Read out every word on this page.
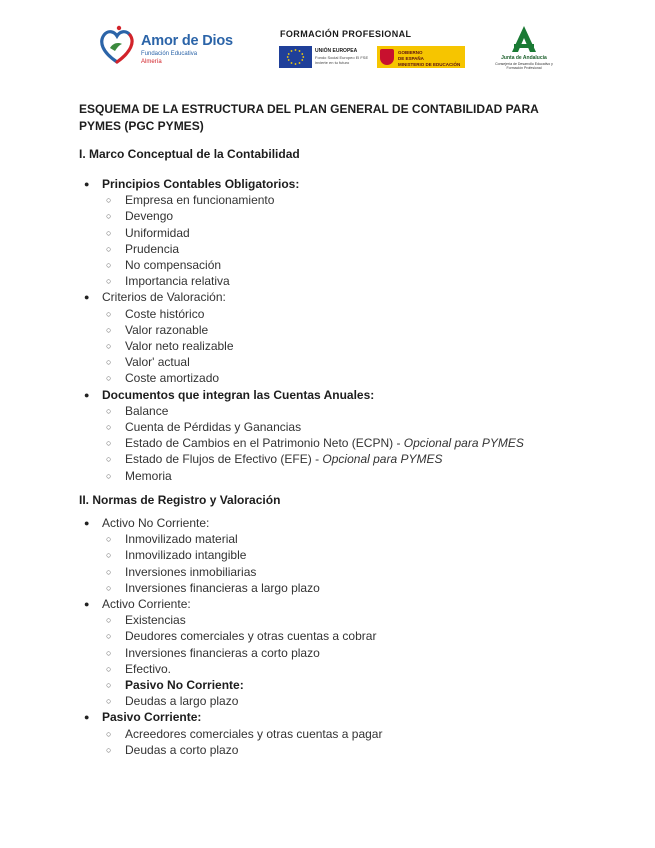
Amor de Dios
Fundación Educativa
Almería
FORMACIÓN PROFESIONAL
UNIÓN EUROPEA
Fondo Social Europeo El FSE invierte en tu futuro
GOBIERNO
DE ESPAÑA
MINISTERIO DE EDUCACIÓN
Junta de Andalucía
Consejería de Desarrollo Educativo y Formación Profesional
ESQUEMA DE LA ESTRUCTURA DEL PLAN GENERAL DE CONTABILIDAD PARA PYMES (PGC PYMES)
I. Marco Conceptual de la Contabilidad
● Principios Contables Obligatorios:
○ Empresa en funcionamiento
○ Devengo
○ Uniformidad
○ Prudencia
○ No compensación
○ Importancia relativa
● Criterios de Valoración:
○ Coste histórico
○ Valor razonable
○ Valor neto realizable
○ Valor' actual
○ Coste amortizado
● Documentos que integran las Cuentas Anuales:
○ Balance
○ Cuenta de Pérdidas y Ganancias
○ Estado de Cambios en el Patrimonio Neto (ECPN) - Opcional para PYMES
○ Estado de Flujos de Efectivo (EFE) - Opcional para PYMES
○ Memoria
II. Normas de Registro y Valoración
● Activo No Corriente:
○ Inmovilizado material
○ Inmovilizado intangible
○ Inversiones inmobiliarias
○ Inversiones financieras a largo plazo
● Activo Corriente:
○ Existencias
○ Deudores comerciales y otras cuentas a cobrar
○ Inversiones financieras a corto plazo
○ Efectivo.
○ Pasivo No Corriente:
○ Deudas a largo plazo
● Pasivo Corriente:
○ Acreedores comerciales y otras cuentas a pagar
○ Deudas a corto plazo
